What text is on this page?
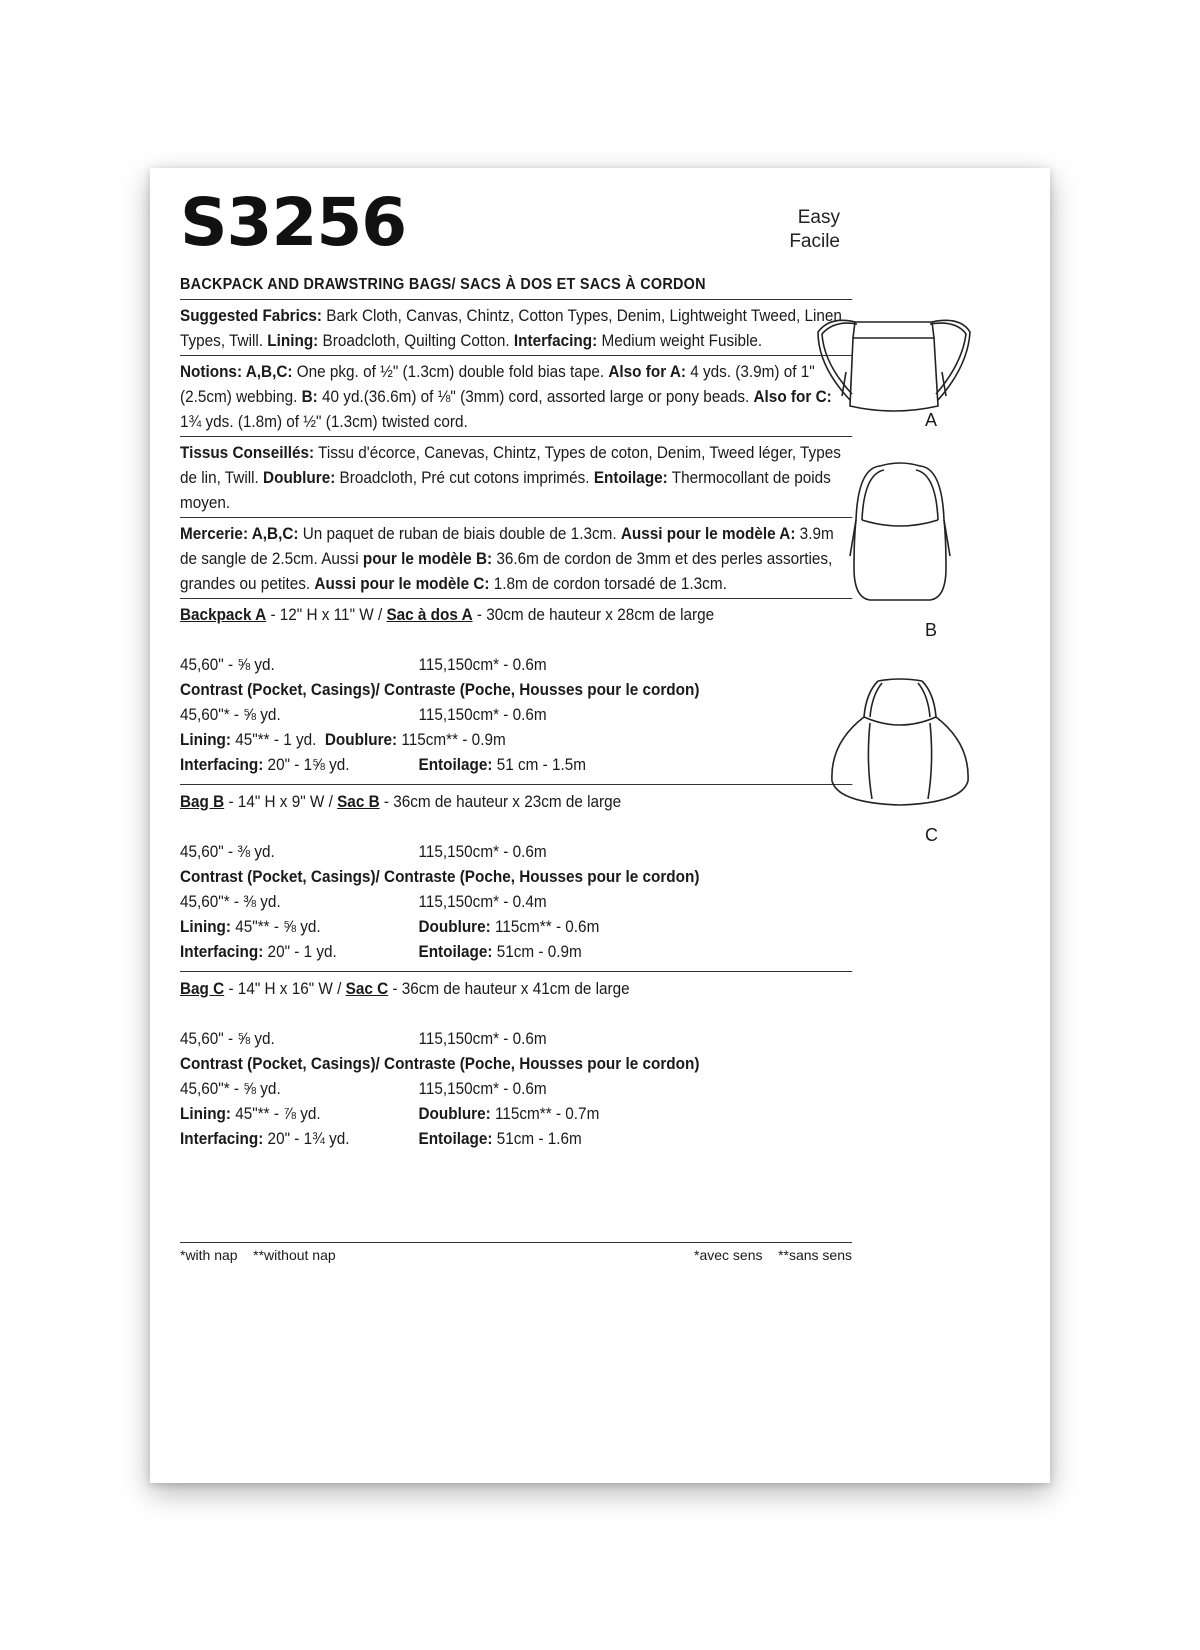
S3256	Easy
Facile
BACKPACK AND DRAWSTRING BAGS/ SACS À DOS ET SACS À CORDON
Suggested Fabrics: Bark Cloth, Canvas, Chintz, Cotton Types, Denim, Lightweight Tweed, Linen Types, Twill. Lining: Broadcloth, Quilting Cotton. Interfacing: Medium weight Fusible.
Notions: A,B,C: One pkg. of ½" (1.3cm) double fold bias tape. Also for A: 4 yds. (3.9m) of 1" (2.5cm) webbing. B: 40 yd.(36.6m) of ⅛" (3mm) cord, assorted large or pony beads. Also for C: 1¾ yds. (1.8m) of ½" (1.3cm) twisted cord.
Tissus Conseillés: Tissu d'écorce, Canevas, Chintz, Types de coton, Denim, Tweed léger, Types de lin, Twill. Doublure: Broadcloth, Pré cut cotons imprimés. Entoilage: Thermocollant de poids moyen.
Mercerie: A,B,C: Un paquet de ruban de biais double de 1.3cm. Aussi pour le modèle A: 3.9m de sangle de 2.5cm. Aussi pour le modèle B: 36.6m de cordon de 3mm et des perles assorties, grandes ou petites. Aussi pour le modèle C: 1.8m de cordon torsadé de 1.3cm.
Backpack A - 12" H x 11" W / Sac à dos A - 30cm de hauteur x 28cm de large
45,60" - ⅝ yd.	115,150cm* - 0.6m
Contrast (Pocket, Casings)/ Contraste (Poche, Housses pour le cordon)
45,60"* - ⅝ yd.	115,150cm* - 0.6m
Lining: 45"** - 1 yd. Doublure: 115cm** - 0.9m
Interfacing: 20" - 1⅝ yd.	Entoilage: 51 cm - 1.5m
Bag B - 14" H x 9" W / Sac B - 36cm de hauteur x 23cm de large
45,60" - ⅜ yd.	115,150cm* - 0.6m
Contrast (Pocket, Casings)/ Contraste (Poche, Housses pour le cordon)
45,60"* - ⅜ yd.	115,150cm* - 0.4m
Lining: 45"** - ⅝ yd.	Doublure: 115cm** - 0.6m
Interfacing: 20" - 1 yd.	Entoilage: 51cm - 0.9m
Bag C - 14" H x 16" W / Sac C - 36cm de hauteur x 41cm de large
45,60" - ⅝ yd.	115,150cm* - 0.6m
Contrast (Pocket, Casings)/ Contraste (Poche, Housses pour le cordon)
45,60"* - ⅝ yd.	115,150cm* - 0.6m
Lining: 45"** - ⅞ yd.	Doublure: 115cm** - 0.7m
Interfacing: 20" - 1¾ yd.	Entoilage: 51cm - 1.6m
*with nap **without nap	*avec sens **sans sens
A
B
C
